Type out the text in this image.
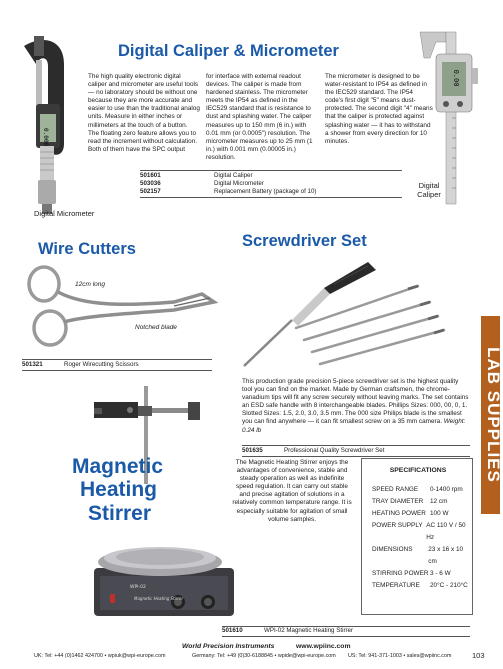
Digital Caliper & Micrometer
0.000
Digital Micrometer
0.00
Digital
Caliper
The high quality electronic digital caliper and micrometer are useful tools — no laboratory should be without one because they are more accurate and easier to use than the traditional analog units. Measure in either inches or millimeters at the touch of a button. The floating zero feature allows you to read the increment without calculation. Both of them have the SPC output
for interface with external readout devices. The caliper is made from hardened stainless. The micrometer meets the IP54 as defined in the IEC529 standard that is resistance to dust and splashing water. The caliper measures up to 150 mm (6 in.) with 0.01 mm (or 0.0005") resolution. The micrometer measures up to 25 mm (1 in.) with 0.001 mm (0.00005 in.) resolution.
The micrometer is designed to be water-resistant to IP54 as defined in the IEC529 standard. The IP54 code's first digit "5" means dust-protected. The second digit "4" means that the caliper is protected against splashing water — it has to withstand a shower from every direction for 10 minutes.
501601	Digital Caliper
503036	Digital Micrometer
502157	Replacement Battery (package of 10)
Wire Cutters
12cm long
Notched blade
501321	Roger Wirecutting Scissors
Screwdriver Set
This production grade precision 5-piece screwdriver set is the highest quality tool you can find on the market. Made by German craftsmen, the chrome-vanadium tips will fit any screw securely without leaving marks. The set contains an ESD safe handle with 8 interchangeable blades. Phillips Sizes: 000, 00, 0, 1. Slotted Sizes: 1.5, 2.0, 3.0, 3.5 mm. The 000 size Philips blade is the smallest you can find anywhere — it can fit smallest screw on a 35 mm camera. Weight: 0.24 lb
501635	Professional Quality Screwdriver Set
Magnetic
Heating
Stirrer
WPI-02
Magnetic Heating Stirrer
The Magnetic Heating Stirrer enjoys the advantages of convenience, stable and steady operation as well as indefinite speed regulation. It can carry out stable and precise agitation of solutions in a relatively common temperature range. It is especially suitable for agitation of small volume samples.
SPECIFICATIONS
SPEED RANGE	0-1400 rpm
TRAY DIAMETER	12 cm
HEATING POWER 100 W
POWER SUPPLY AC 110 V / 50 Hz
DIMENSIONS	23 x 16 x 10 cm
STIRRING POWER 3 - 6 W
TEMPERATURE	20°C - 210°C
501610	WPI-02 Magnetic Heating Stirrer
LAB SUPPLIES
World Precision Instruments	www.wpiinc.com
UK: Tel: +44 (0)1462 424700 • wpiuk@wpi-europe.com	Germany: Tel: +49 (0)30-6188845 • wpide@wpi-europe.com US: Tel: 941-371-1003 • sales@wpiinc.com	103
